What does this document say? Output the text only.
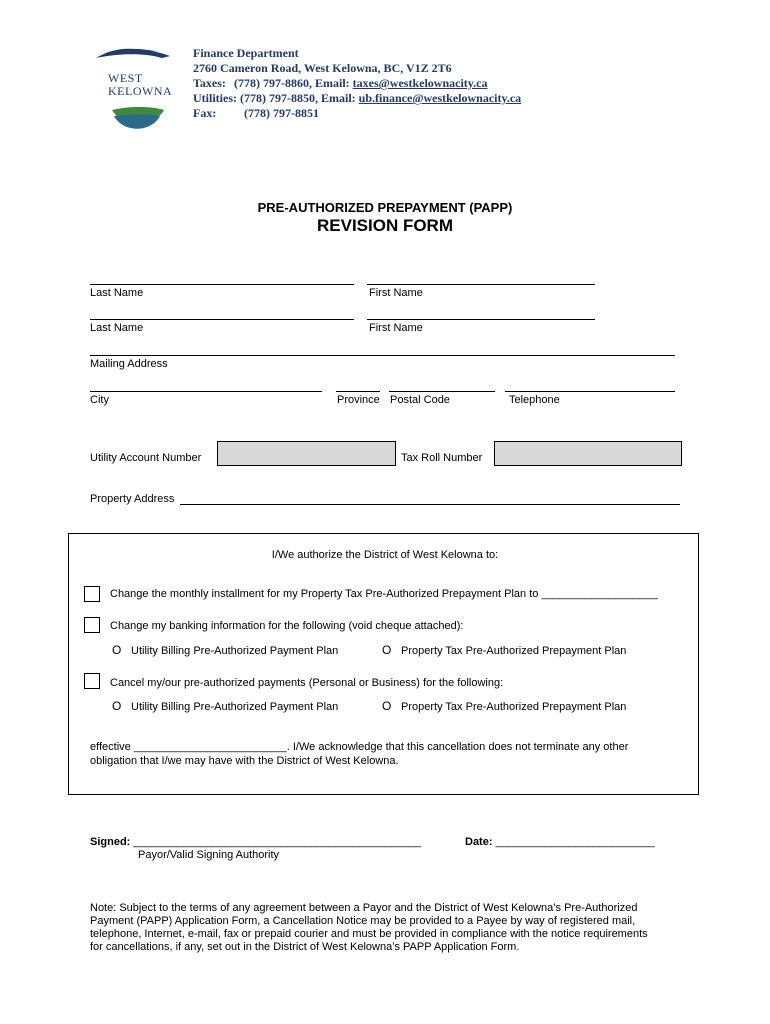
WEST
KELOWNA
Finance Department
2760 Cameron Road, West Kelowna, BC, V1Z 2T6
Taxes: (778) 797-8860, Email: taxes@westkelownacity.ca
Utilities: (778) 797-8850, Email: ub.finance@westkelownacity.ca
Fax: (778) 797-8851
PRE-AUTHORIZED PREPAYMENT (PAPP)
REVISION FORM
Last Name	First Name
Last Name	First Name
Mailing Address
City	Province Postal Code	Telephone
Utility Account Number	Tax Roll Number
Property Address
I/We authorize the District of West Kelowna to:
Change the monthly installment for my Property Tax Pre-Authorized Prepayment Plan to ___________________
Change my banking information for the following (void cheque attached):
O Utility Billing Pre-Authorized Payment Plan	O Property Tax Pre-Authorized Prepayment Plan
Cancel my/our pre-authorized payments (Personal or Business) for the following:
O Utility Billing Pre-Authorized Payment Plan	O Property Tax Pre-Authorized Prepayment Plan
effective _________________________. I/We acknowledge that this cancellation does not terminate any other
obligation that I/we may have with the District of West Kelowna.
Signed: _______________________________________________
Payor/Valid Signing Authority
Date: __________________________
Note: Subject to the terms of any agreement between a Payor and the District of West Kelowna’s Pre-Authorized
Payment (PAPP) Application Form, a Cancellation Notice may be provided to a Payee by way of registered mail,
telephone, Internet, e-mail, fax or prepaid courier and must be provided in compliance with the notice requirements
for cancellations, if any, set out in the District of West Kelowna’s PAPP Application Form.
